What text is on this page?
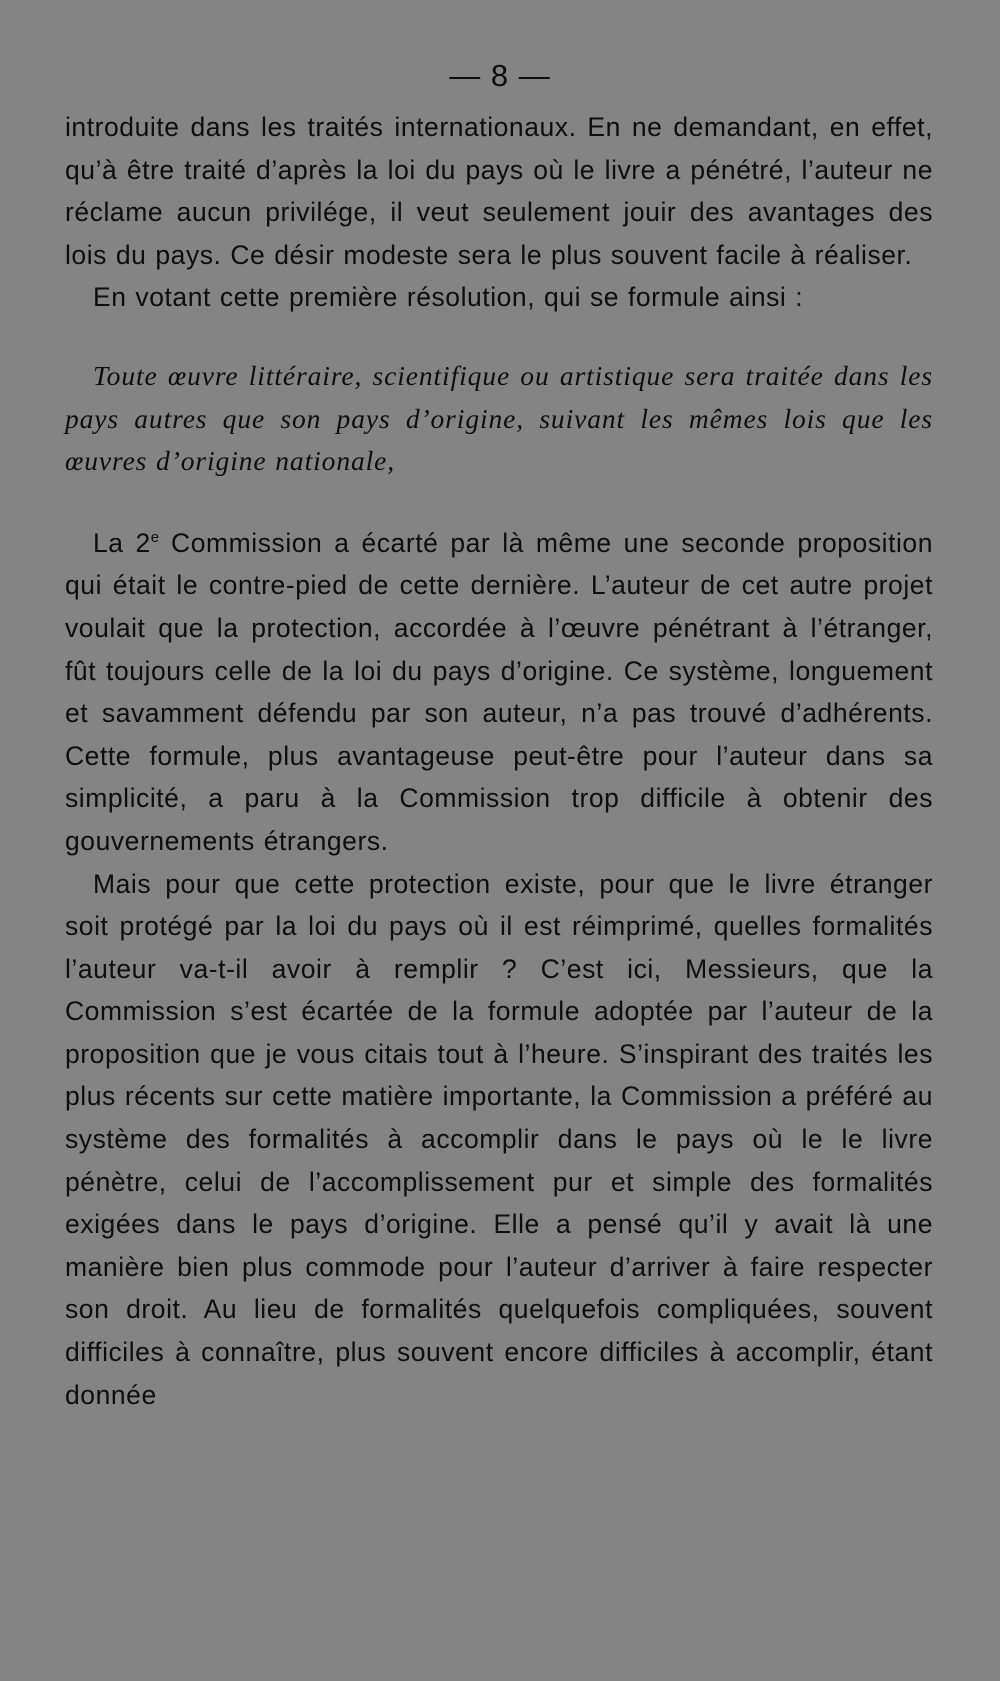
— 8 —

introduite dans les traités internationaux. En ne demandant, en effet, qu’à être traité d’après la loi du pays où le livre a pénétré, l’auteur ne réclame aucun privilége, il veut seulement jouir des avantages des lois du pays. Ce désir modeste sera le plus souvent facile à réaliser.

En votant cette première résolution, qui se formule ainsi :

Toute œuvre littéraire, scientifique ou artistique sera traitée dans les pays autres que son pays d’origine, suivant les mêmes lois que les œuvres d’origine nationale,

La 2e Commission a écarté par là même une seconde proposition qui était le contre-pied de cette dernière. L’auteur de cet autre projet voulait que la protection, accordée à l’œuvre pénétrant à l’étranger, fût toujours celle de la loi du pays d’origine. Ce système, longuement et savamment défendu par son auteur, n’a pas trouvé d’adhérents. Cette formule, plus avantageuse peut-être pour l’auteur dans sa simplicité, a paru à la Commission trop difficile à obtenir des gouvernements étrangers.

Mais pour que cette protection existe, pour que le livre étranger soit protégé par la loi du pays où il est réimprimé, quelles formalités l’auteur va-t-il avoir à remplir ? C’est ici, Messieurs, que la Commission s’est écartée de la formule adoptée par l’auteur de la proposition que je vous citais tout à l’heure. S’inspirant des traités les plus récents sur cette matière importante, la Commission a préféré au système des formalités à accomplir dans le pays où le le livre pénètre, celui de l’accomplissement pur et simple des formalités exigées dans le pays d’origine. Elle a pensé qu’il y avait là une manière bien plus commode pour l’auteur d’arriver à faire respecter son droit. Au lieu de formalités quelquefois compliquées, souvent difficiles à connaître, plus souvent encore difficiles à accomplir, étant donnée
